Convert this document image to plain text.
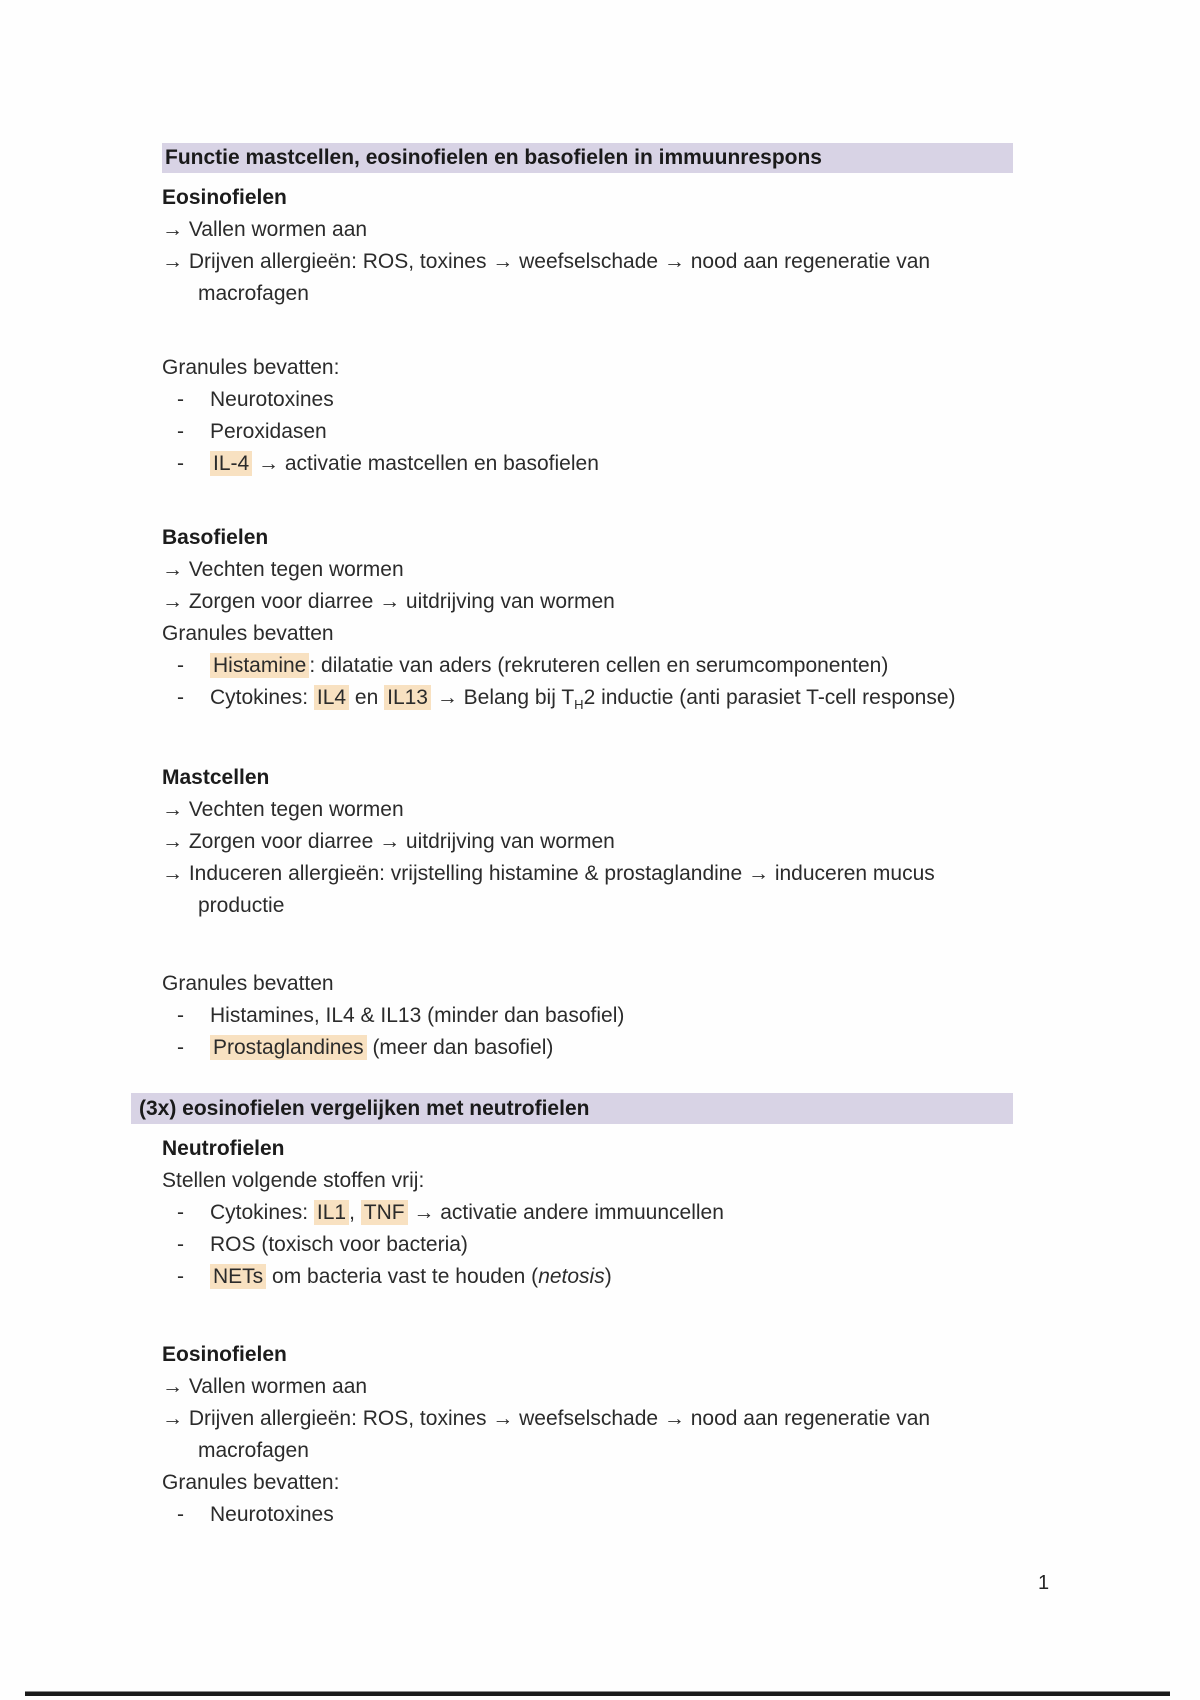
Functie mastcellen, eosinofielen en basofielen in immuunrespons
Eosinofielen
→ Vallen wormen aan
→ Drijven allergieën: ROS, toxines → weefselschade → nood aan regeneratie van
macrofagen
Granules bevatten:
-	Neurotoxines
-	Peroxidasen
-	IL-4 → activatie mastcellen en basofielen
Basofielen
→ Vechten tegen wormen
→ Zorgen voor diarree → uitdrijving van wormen
Granules bevatten
-	Histamine : dilatatie van aders (rekruteren cellen en serumcomponenten)
-	Cytokines: IL4 en IL13 → Belang bij $T_H2$ inductie (anti parasiet T-cell response)
Mastcellen
→ Vechten tegen wormen
→ Zorgen voor diarree → uitdrijving van wormen
→ Induceren allergieën: vrijstelling histamine & prostaglandine → induceren mucus
productie
Granules bevatten
-	Histamines, IL4 & IL13 (minder dan basofiel)
-	Prostaglandines (meer dan basofiel)
(3x) eosinofielen vergelijken met neutrofielen
Neutrofielen
Stellen volgende stoffen vrij:
-	Cytokines: IL1 , TNF → activatie andere immuuncellen
-	ROS (toxisch voor bacteria)
-	NETs om bacteria vast te houden (netosis)
Eosinofielen
→ Vallen wormen aan
→ Drijven allergieën: ROS, toxines → weefselschade → nood aan regeneratie van
macrofagen
Granules bevatten:
-	Neurotoxines
1
